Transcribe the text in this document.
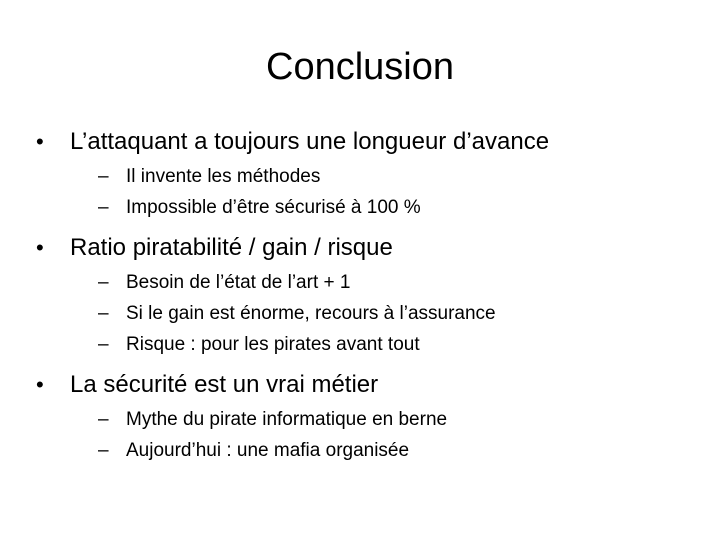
Conclusion
•	L’attaquant a toujours une longueur d’avance
– Il invente les méthodes
– Impossible d’être sécurisé à 100 %
•	Ratio piratabilité / gain / risque
– Besoin de l’état de l’art + 1
– Si le gain est énorme, recours à l’assurance
– Risque : pour les pirates avant tout
•	La sécurité est un vrai métier
– Mythe du pirate informatique en berne
– Aujourd’hui : une mafia organisée
